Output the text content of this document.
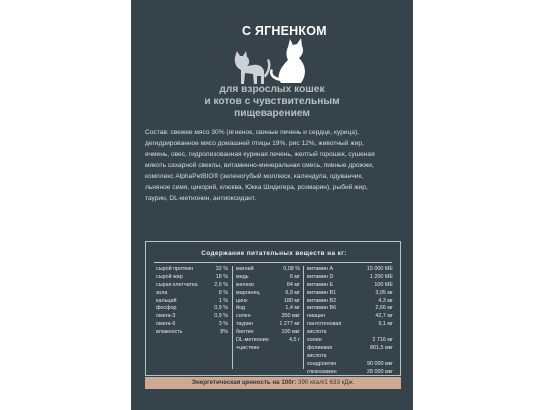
С ЯГНЕНКОМ
для взрослых кошек
и котов с чувствительным
пищеварением
Состав: свежее мясо 30% (ягненок, свиные печень и сердце, курица),
дегидрированное мясо домашней птицы 19%, рис 12%, животный жир,
ячмень, овес, гидролизованная куриная печень, желтый горошек, сушеная
мякоть сахарной свеклы, витаминно-минеральная смесь, пивные дрожжи,
комплекс AlphaPetBIO® (зеленогубый моллюск, календула, одуванчик,
льняное семя, цикорий, клюква, Юкка Шидигера, розмарин), рыбий жир,
таурин, DL-метионин, антиоксидант.
Содержание питательных веществ на кг:
сырой протеин	32 %
сырой жир	18 %
сырая клетчатка	2,6 %
зола	8 %
кальций	1 %
фосфор	0,9 %
омега-3	0,9 %
омега-6	3 %
влажность	8%
магний	0,08 %
медь	6 мг
железо	84 мг
марганец	6,9 мг
цинк	180 мг
йод	1,4 мг
селен	350 мкг
таурин	1 277 мг
биотин	100 мкг
DL-метионин	4,5 г
+цистеин
витамин A	15 000 МЕ
витамин D	1 200 МЕ
витамин E	100 МЕ
витамин B1	3,95 мг
витамин B2	4,3 мг
витамин B6	2,66 мг
ниацин	42,7 мг
пантотеновая	9,1 мг
кислота
холин	2 716 мг
фолиевая	801,5 мкг
кислота
хондроитин	90 000 мкг
глюкозамин	28 000 мкг
Энергетическая ценность на 100г: 390 ккал/1 633 кДж.
